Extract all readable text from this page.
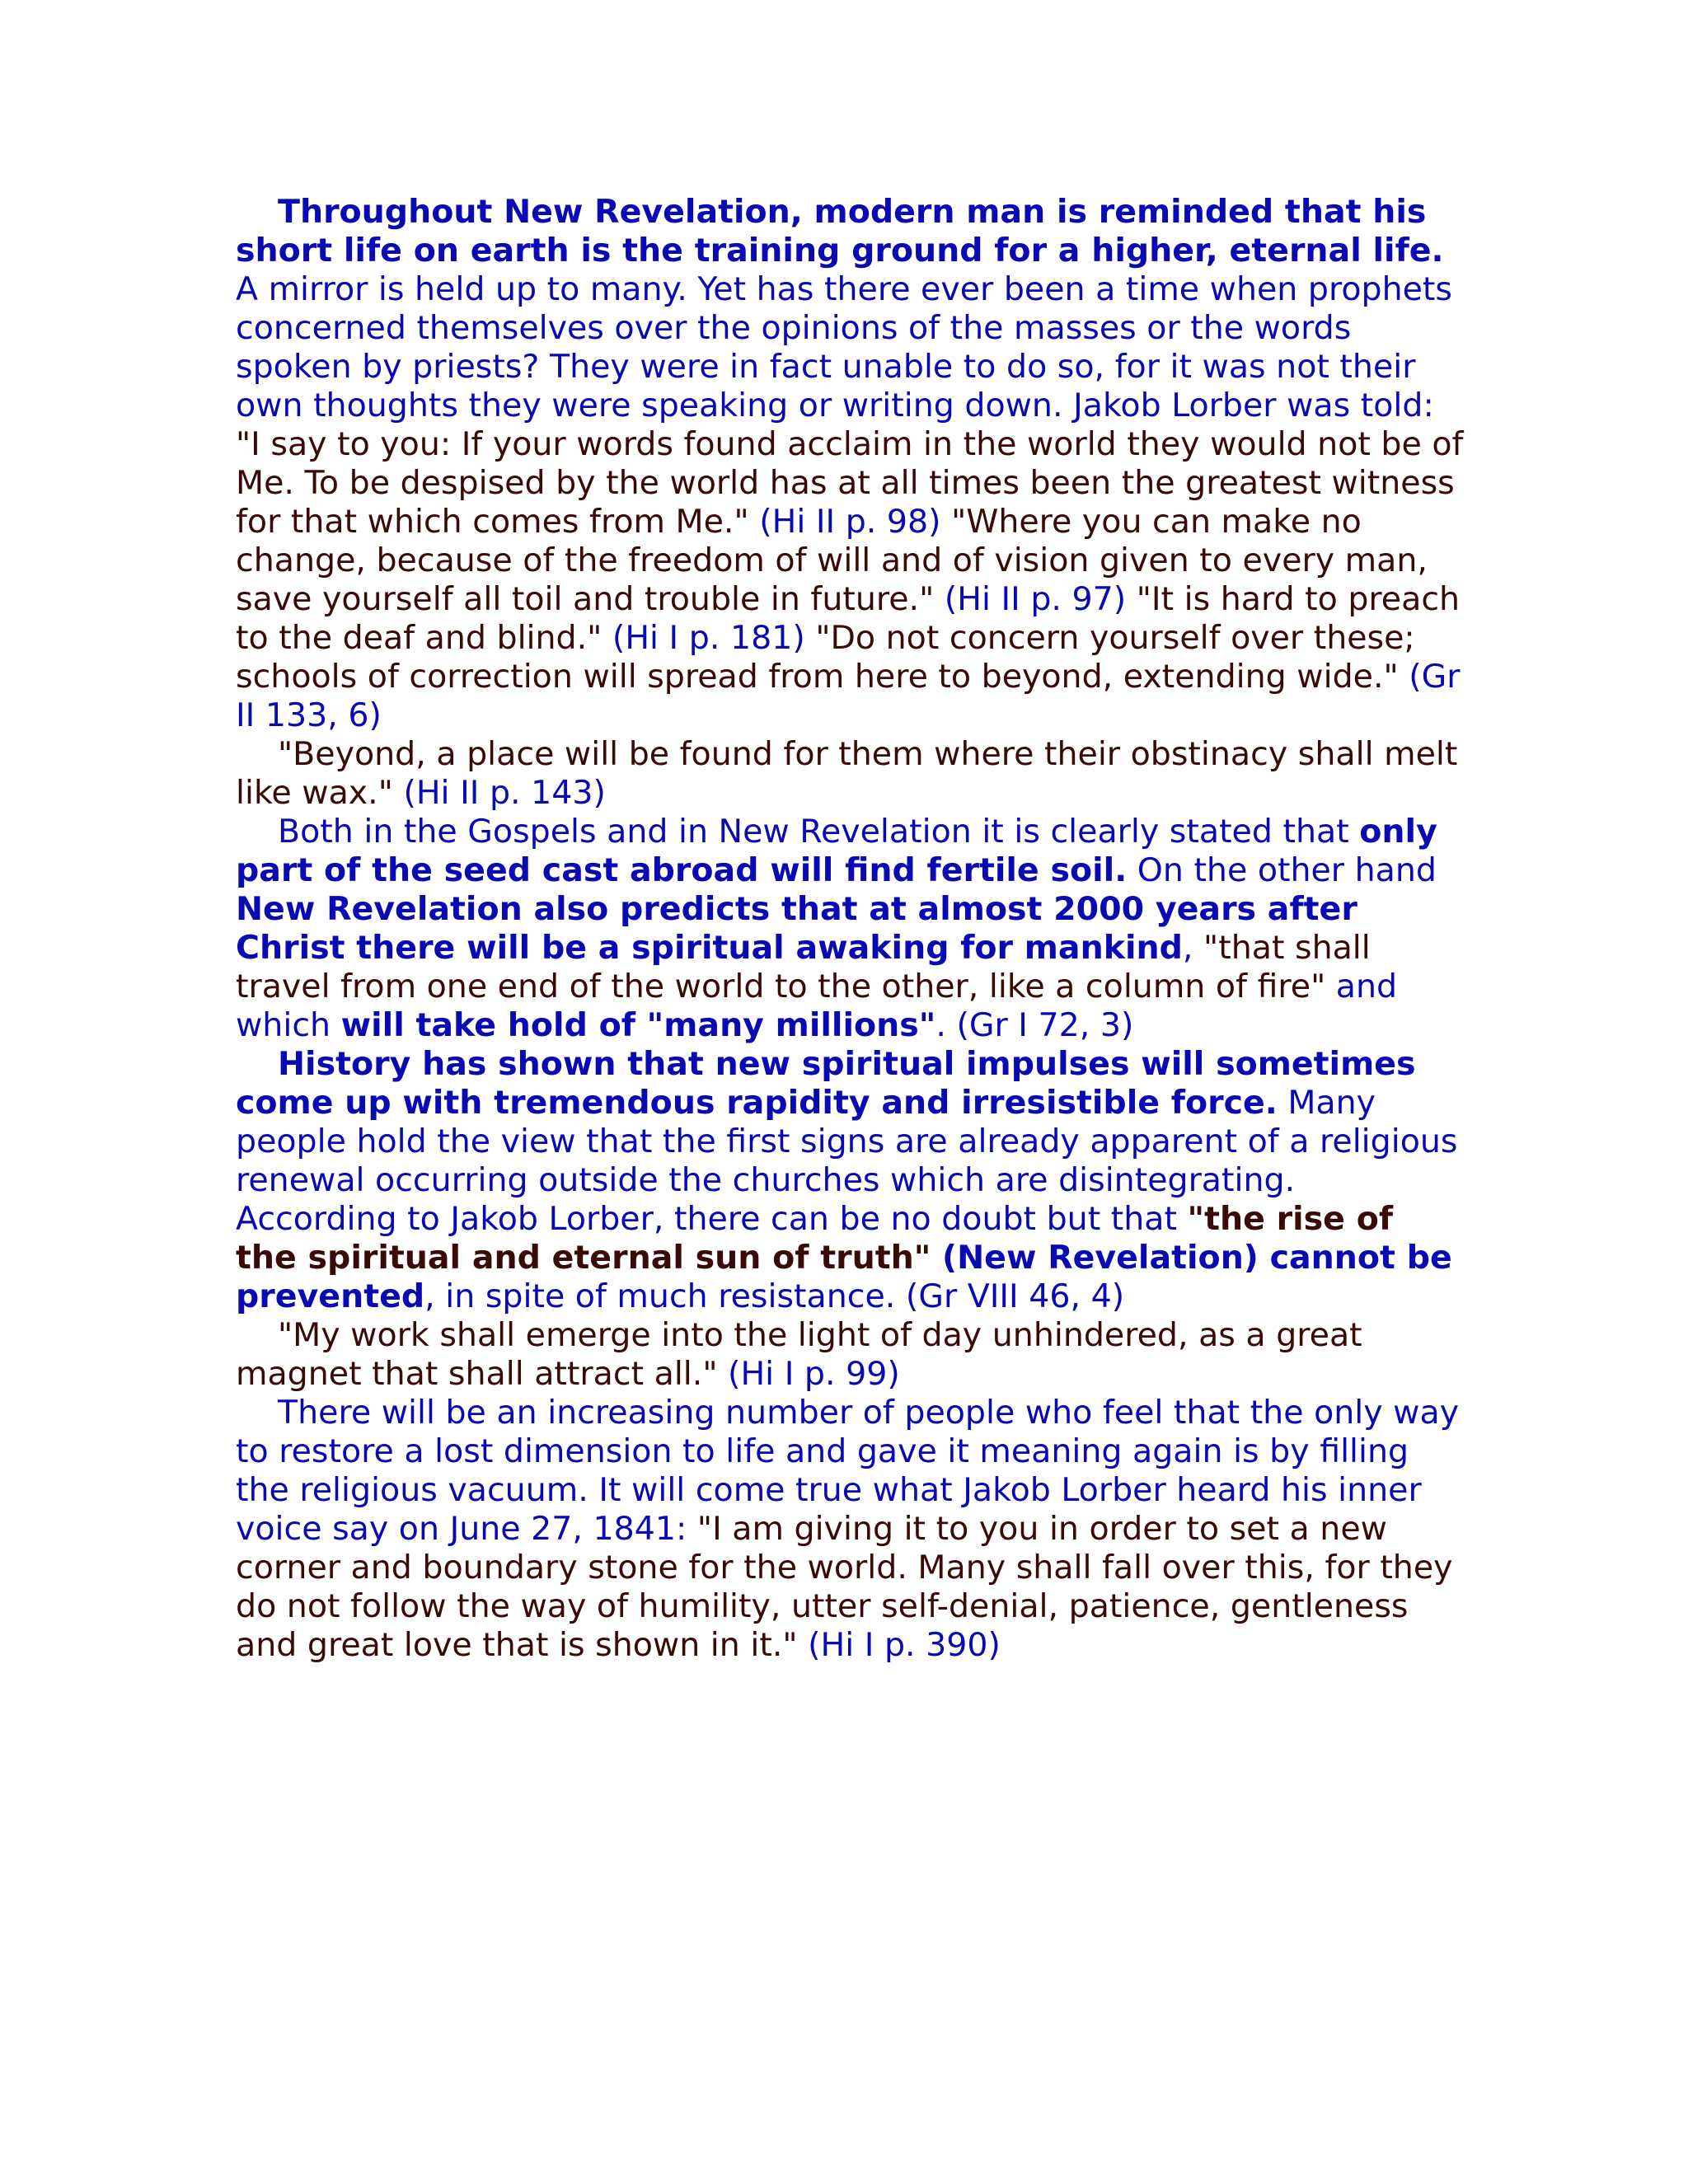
Throughout New Revelation, modern man is reminded that his short life on earth is the training ground for a higher, eternal life. A mirror is held up to many. Yet has there ever been a time when prophets concerned themselves over the opinions of the masses or the words spoken by priests? They were in fact unable to do so, for it was not their own thoughts they were speaking or writing down. Jakob Lorber was told: "I say to you: If your words found acclaim in the world they would not be of Me. To be despised by the world has at all times been the greatest witness for that which comes from Me." (Hi II p. 98) "Where you can make no change, because of the freedom of will and of vision given to every man, save yourself all toil and trouble in future." (Hi II p. 97) "It is hard to preach to the deaf and blind." (Hi I p. 181) "Do not concern yourself over these; schools of correction will spread from here to beyond, extending wide." (Gr II 133, 6)

"Beyond, a place will be found for them where their obstinacy shall melt like wax." (Hi II p. 143)

Both in the Gospels and in New Revelation it is clearly stated that only part of the seed cast abroad will find fertile soil. On the other hand New Revelation also predicts that at almost 2000 years after Christ there will be a spiritual awaking for mankind, "that shall travel from one end of the world to the other, like a column of fire" and which will take hold of "many millions". (Gr I 72, 3)

History has shown that new spiritual impulses will sometimes come up with tremendous rapidity and irresistible force. Many people hold the view that the first signs are already apparent of a religious renewal occurring outside the churches which are disintegrating. According to Jakob Lorber, there can be no doubt but that "the rise of the spiritual and eternal sun of truth" (New Revelation) cannot be prevented, in spite of much resistance. (Gr VIII 46, 4)

"My work shall emerge into the light of day unhindered, as a great magnet that shall attract all." (Hi I p. 99)

There will be an increasing number of people who feel that the only way to restore a lost dimension to life and gave it meaning again is by filling the religious vacuum. It will come true what Jakob Lorber heard his inner voice say on June 27, 1841: "I am giving it to you in order to set a new corner and boundary stone for the world. Many shall fall over this, for they do not follow the way of humility, utter self-denial, patience, gentleness and great love that is shown in it." (Hi I p. 390)
